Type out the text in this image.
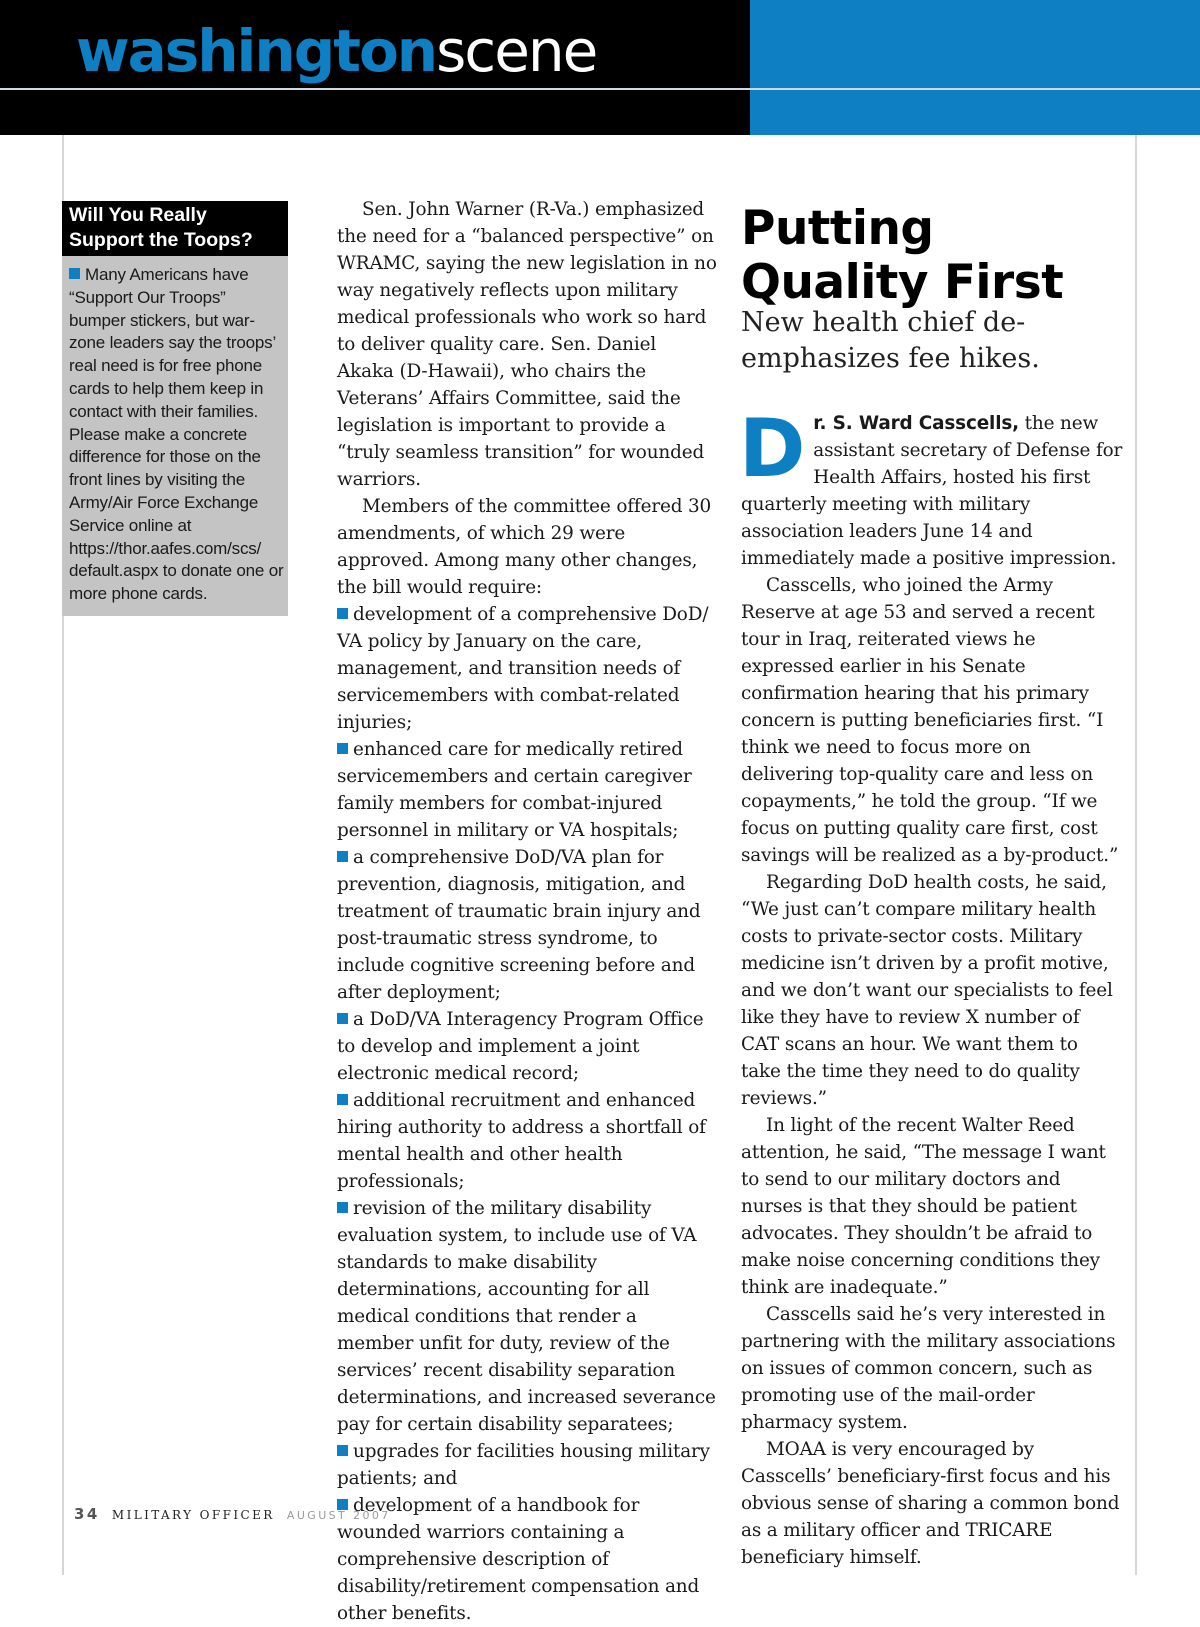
washingtonscene
Will You Really Support the Toops?

Many Americans have “Support Our Troops” bumper stickers, but war-zone leaders say the troops’ real need is for free phone cards to help them keep in contact with their families. Please make a concrete difference for those on the front lines by visiting the Army/Air Force Exchange Service online at https://thor.aafes.com/scs/ default.aspx to donate one or more phone cards.

Sen. John Warner (R-Va.) emphasized the need for a “balanced perspective” on WRAMC, saying the new legislation in no way negatively reflects upon military medical professionals who work so hard to deliver quality care. Sen. Daniel Akaka (D-Hawaii), who chairs the Veterans’ Affairs Committee, said the legislation is important to provide a “truly seamless transition” for wounded warriors.

Members of the committee offered 30 amendments, of which 29 were approved. Among many other changes, the bill would require:

development of a comprehensive DoD/ VA policy by January on the care, management, and transition needs of servicemembers with combat-related injuries;

enhanced care for medically retired servicemembers and certain caregiver family members for combat-injured personnel in military or VA hospitals;

a comprehensive DoD/VA plan for prevention, diagnosis, mitigation, and treatment of traumatic brain injury and post-traumatic stress syndrome, to include cognitive screening before and after deployment;

a DoD/VA Interagency Program Office to develop and implement a joint electronic medical record;

additional recruitment and enhanced hiring authority to address a shortfall of mental health and other health professionals;

revision of the military disability evaluation system, to include use of VA standards to make disability determinations, accounting for all medical conditions that render a member unfit for duty, review of the services’ recent disability separation determinations, and increased severance pay for certain disability separatees;

upgrades for facilities housing military patients; and

development of a handbook for wounded warriors containing a comprehensive description of disability/retirement compensation and other benefits.

Putting
Quality First

New health chief de-emphasizes fee hikes.

Dr. S. Ward Casscells, the new assistant secretary of Defense for Health Affairs, hosted his first quarterly meeting with military association leaders June 14 and immediately made a positive impression.

Casscells, who joined the Army Reserve at age 53 and served a recent tour in Iraq, reiterated views he expressed earlier in his Senate confirmation hearing that his primary concern is putting beneficiaries first. “I think we need to focus more on delivering top-quality care and less on copayments,” he told the group. “If we focus on putting quality care first, cost savings will be realized as a by-product.”

Regarding DoD health costs, he said, “We just can’t compare military health costs to private-sector costs. Military medicine isn’t driven by a profit motive, and we don’t want our specialists to feel like they have to review X number of CAT scans an hour. We want them to take the time they need to do quality reviews.”

In light of the recent Walter Reed attention, he said, “The message I want to send to our military doctors and nurses is that they should be patient advocates. They shouldn’t be afraid to make noise concerning conditions they think are inadequate.”

Casscells said he’s very interested in partnering with the military associations on issues of common concern, such as promoting use of the mail-order pharmacy system.

MOAA is very encouraged by Casscells’ beneficiary-first focus and his obvious sense of sharing a common bond as a military officer and TRICARE beneficiary himself.

34 MILITARY OFFICER AUGUST 2007
